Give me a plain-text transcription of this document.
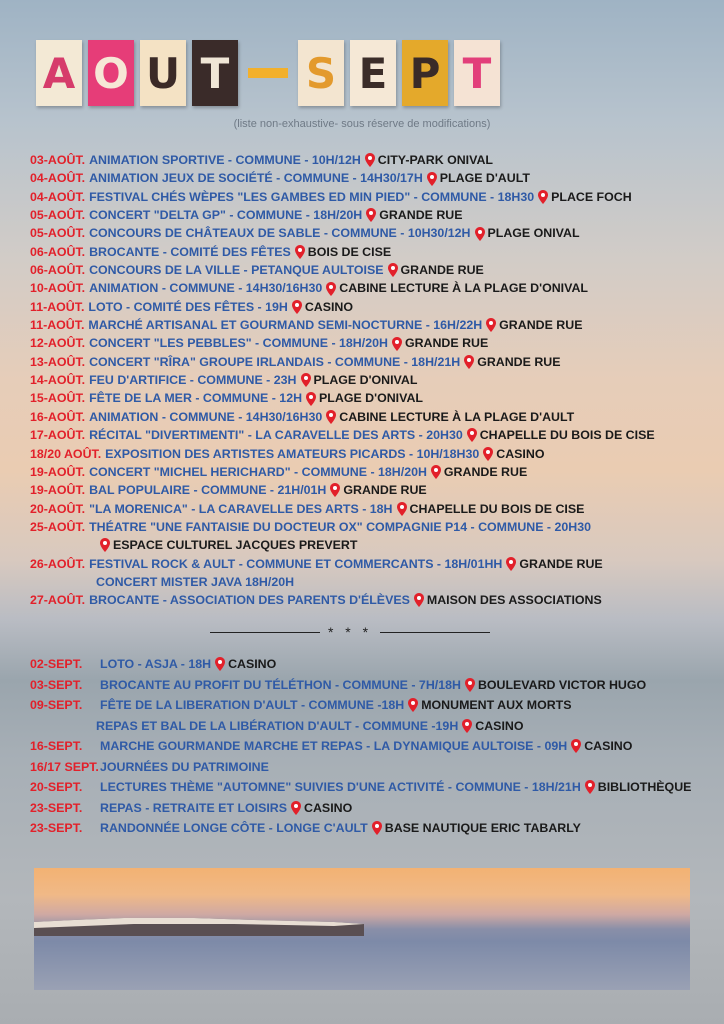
A O U T S E P T
(liste non-exhaustive- sous réserve de modifications)
03-AOÛT. ANIMATION SPORTIVE - COMMUNE - 10H/12H CITY-PARK ONIVAL
04-AOÛT. ANIMATION JEUX DE SOCIÉTÉ - COMMUNE - 14H30/17H PLAGE D'AULT
04-AOÛT. FESTIVAL CHÉS WÈPES "LES GAMBES ED MIN PIED" - COMMUNE - 18H30 PLACE FOCH
05-AOÛT. CONCERT "DELTA GP" - COMMUNE - 18H/20H GRANDE RUE
05-AOÛT. CONCOURS DE CHÂTEAUX DE SABLE - COMMUNE - 10H30/12H PLAGE ONIVAL
06-AOÛT. BROCANTE - COMITÉ DES FÊTES BOIS DE CISE
06-AOÛT. CONCOURS DE LA VILLE - PETANQUE AULTOISE GRANDE RUE
10-AOÛT. ANIMATION - COMMUNE - 14H30/16H30 CABINE LECTURE À LA PLAGE D'ONIVAL
11-AOÛT. LOTO - COMITÉ DES FÊTES - 19H CASINO
11-AOÛT. MARCHÉ ARTISANAL ET GOURMAND SEMI-NOCTURNE - 16H/22H GRANDE RUE
12-AOÛT. CONCERT "LES PEBBLES" - COMMUNE - 18H/20H GRANDE RUE
13-AOÛT. CONCERT "RÎRA" GROUPE IRLANDAIS - COMMUNE - 18H/21H GRANDE RUE
14-AOÛT. FEU D'ARTIFICE - COMMUNE - 23H PLAGE D'ONIVAL
15-AOÛT. FÊTE DE LA MER - COMMUNE - 12H PLAGE D'ONIVAL
16-AOÛT. ANIMATION - COMMUNE - 14H30/16H30 CABINE LECTURE À LA PLAGE D'AULT
17-AOÛT. RÉCITAL "DIVERTIMENTI" - LA CARAVELLE DES ARTS - 20H30 CHAPELLE DU BOIS DE CISE
18/20 AOÛT. EXPOSITION DES ARTISTES AMATEURS PICARDS - 10H/18H30 CASINO
19-AOÛT. CONCERT "MICHEL HERICHARD" - COMMUNE - 18H/20H GRANDE RUE
19-AOÛT. BAL POPULAIRE - COMMUNE - 21H/01H GRANDE RUE
20-AOÛT. "LA MORENICA" - LA CARAVELLE DES ARTS - 18H CHAPELLE DU BOIS DE CISE
25-AOÛT. THÉATRE "UNE FANTAISIE DU DOCTEUR OX" COMPAGNIE P14 - COMMUNE - 20H30
ESPACE CULTUREL JACQUES PREVERT
26-AOÛT. FESTIVAL ROCK & AULT - COMMUNE ET COMMERCANTS - 18H/01HH GRANDE RUE
CONCERT MISTER JAVA 18H/20H
27-AOÛT. BROCANTE - ASSOCIATION DES PARENTS D'ÉLÈVES MAISON DES ASSOCIATIONS
* * *
02-SEPT.	LOTO - ASJA - 18H CASINO
03-SEPT.	BROCANTE AU PROFIT DU TÉLÉTHON - COMMUNE - 7H/18H BOULEVARD VICTOR HUGO
09-SEPT.	FÊTE DE LA LIBERATION D'AULT - COMMUNE -18H MONUMENT AUX MORTS
REPAS ET BAL DE LA LIBÉRATION D'AULT - COMMUNE -19H CASINO
16-SEPT.	MARCHE GOURMANDE MARCHE ET REPAS - LA DYNAMIQUE AULTOISE - 09H CASINO
16/17 SEPT. JOURNÉES DU PATRIMOINE
20-SEPT.	LECTURES THÈME "AUTOMNE" SUIVIES D'UNE ACTIVITÉ - COMMUNE - 18H/21H BIBLIOTHÈQUE
23-SEPT.	REPAS - RETRAITE ET LOISIRS CASINO
23-SEPT.	RANDONNÉE LONGE CÔTE - LONGE C'AULT BASE NAUTIQUE ERIC TABARLY
